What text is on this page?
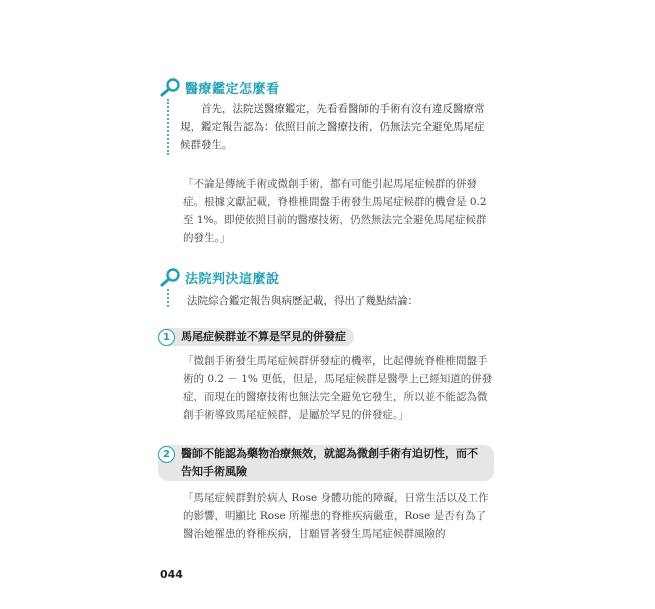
醫療鑑定怎麼看

首先，法院送醫療鑑定，先看看醫師的手術有沒有違反醫療常規，鑑定報告認為：依照目前之醫療技術，仍無法完全避免馬尾症候群發生。

「不論是傳統手術或微創手術，都有可能引起馬尾症候群的併發症。根據文獻記載，脊椎椎間盤手術發生馬尾症候群的機會是 0.2 至 1%。即使依照目前的醫療技術，仍然無法完全避免馬尾症候群的發生。」

法院判決這麼說

法院綜合鑑定報告與病歷記載，得出了幾點結論：

1	馬尾症候群並不算是罕見的併發症

「微創手術發生馬尾症候群併發症的機率，比起傳統脊椎椎間盤手術的 0.2 － 1% 更低，但是，馬尾症候群是醫學上已經知道的併發症，而現在的醫療技術也無法完全避免它發生，所以並不能認為微創手術導致馬尾症候群，是屬於罕見的併發症。」

2	醫師不能認為藥物治療無效，就認為微創手術有迫切性，而不告知手術風險

「馬尾症候群對於病人 Rose 身體功能的障礙，日常生活以及工作的影響，明顯比 Rose 所罹患的脊椎疾病嚴重，Rose 是否有為了醫治她罹患的脊椎疾病，甘願冒著發生馬尾症候群風險的

044
